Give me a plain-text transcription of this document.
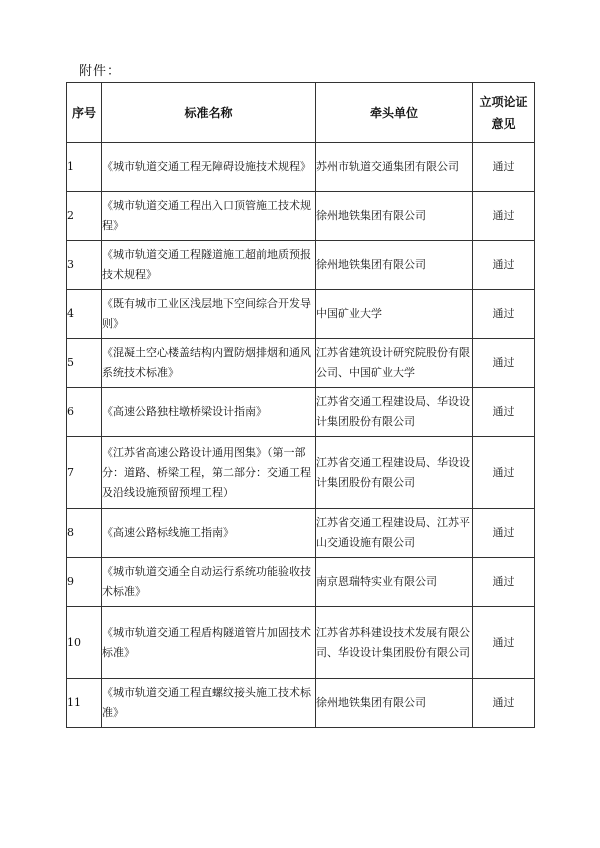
附件：
序号	标准名称	牵头单位	立项论证
意见

1	《城市轨道交通工程无障碍设施技术规程》	苏州市轨道交通集团有限公司	通过
2	《城市轨道交通工程出入口顶管施工技术规程》	徐州地铁集团有限公司	通过
3	《城市轨道交通工程隧道施工超前地质预报技术规程》	徐州地铁集团有限公司	通过
4	《既有城市工业区浅层地下空间综合开发导则》	中国矿业大学	通过
5	《混凝土空心楼盖结构内置防烟排烟和通风系统技术标准》	江苏省建筑设计研究院股份有限公司、中国矿业大学	通过
6	《高速公路独柱墩桥梁设计指南》	江苏省交通工程建设局、华设设计集团股份有限公司	通过
7	《江苏省高速公路设计通用图集》（第一部分：道路、桥梁工程，第二部分：交通工程及沿线设施预留预埋工程）	江苏省交通工程建设局、华设设计集团股份有限公司	通过
8	《高速公路标线施工指南》	江苏省交通工程建设局、江苏平山交通设施有限公司	通过
9	《城市轨道交通全自动运行系统功能验收技术标准》	南京恩瑞特实业有限公司	通过
10	《城市轨道交通工程盾构隧道管片加固技术标准》	江苏省苏科建设技术发展有限公司、华设设计集团股份有限公司	通过
11	《城市轨道交通工程直螺纹接头施工技术标准》	徐州地铁集团有限公司	通过
